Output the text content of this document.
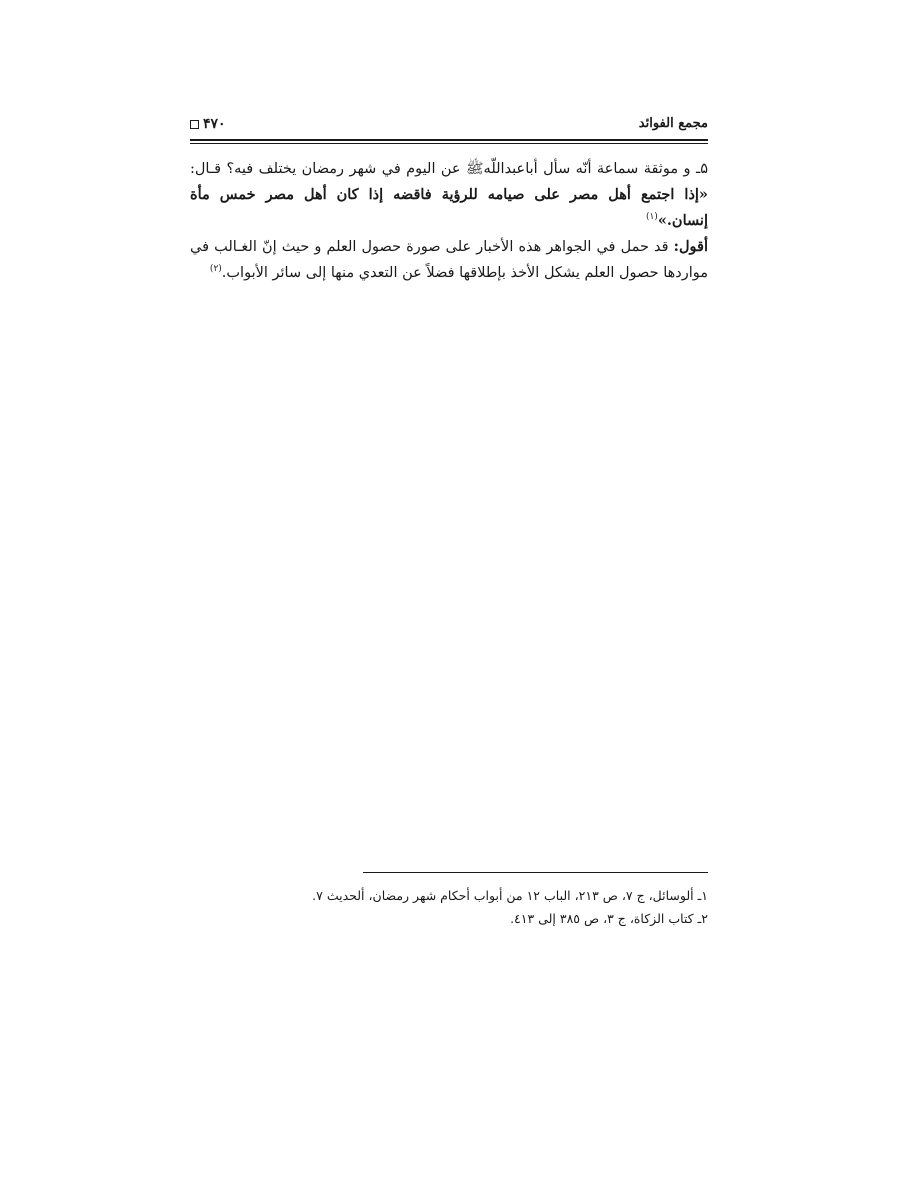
۴۷۰	مجمع الفوائد

۵ـ و موثقة سماعة أنّه سأل أباعبداللّهﷺ عن اليوم في شهر رمضان يختلف فيه؟ قـال: «إذا اجتمع أهل مصر على صيامه للرؤية فاقضه إذا كان أهل مصر خمس مأة إنسان.»$^{(۱)}$

أقول: قد حمل في الجواهر هذه الأخبار على صورة حصول العلم و حيث إنّ الغـالب في مواردها حصول العلم يشكل الأخذ بإطلاقها فضلاً عن التعدي منها إلى سائر الأبواب.$^{(۲)}$

١ـ ألوسائل، ج ٧، ص ٢١٣، الباب ١٢ من أبواب أحكام شهر رمضان، ألحديث ٧.

٢ـ كتاب الزكاة، ج ٣، ص ٣٨٥ إلى ٤١٣.
